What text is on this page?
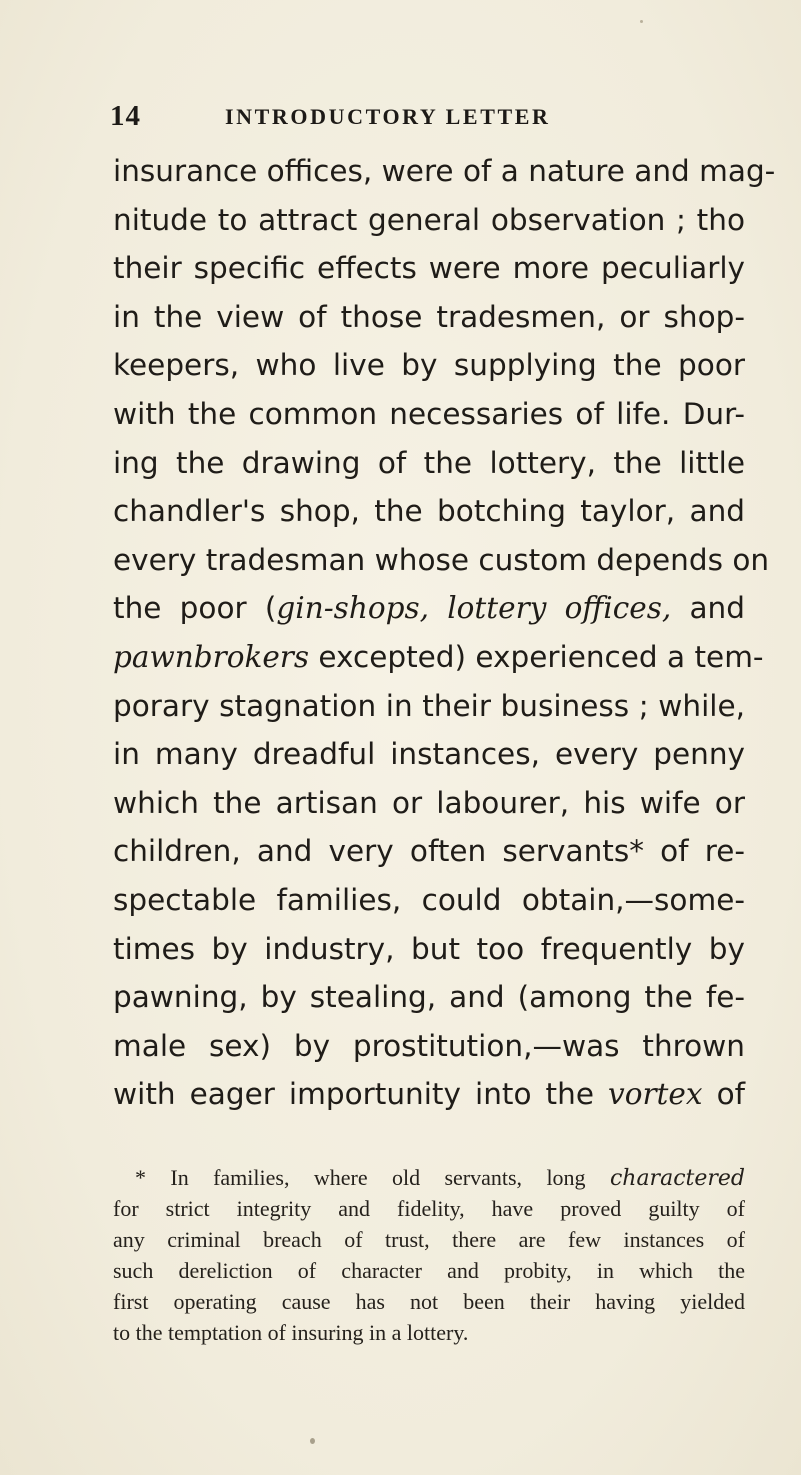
14	INTRODUCTORY LETTER
insurance offices, were of a nature and mag-
nitude to attract general observation ; tho
their specific effects were more peculiarly
in the view of those tradesmen, or shop-
keepers, who live by supplying the poor
with the common necessaries of life. Dur-
ing the drawing of the lottery, the little
chandler's shop, the botching taylor, and
every tradesman whose custom depends on
the poor (gin-shops, lottery offices, and
pawnbrokers excepted) experienced a tem-
porary stagnation in their business ; while,
in many dreadful instances, every penny
which the artisan or labourer, his wife or
children, and very often servants* of re-
spectable families, could obtain,—some-
times by industry, but too frequently by
pawning, by stealing, and (among the fe-
male sex) by prostitution,—was thrown
with eager importunity into the vortex of
* In families, where old servants, long charactered
for strict integrity and fidelity, have proved guilty of
any criminal breach of trust, there are few instances of
such dereliction of character and probity, in which the
first operating cause has not been their having yielded
to the temptation of insuring in a lottery.
